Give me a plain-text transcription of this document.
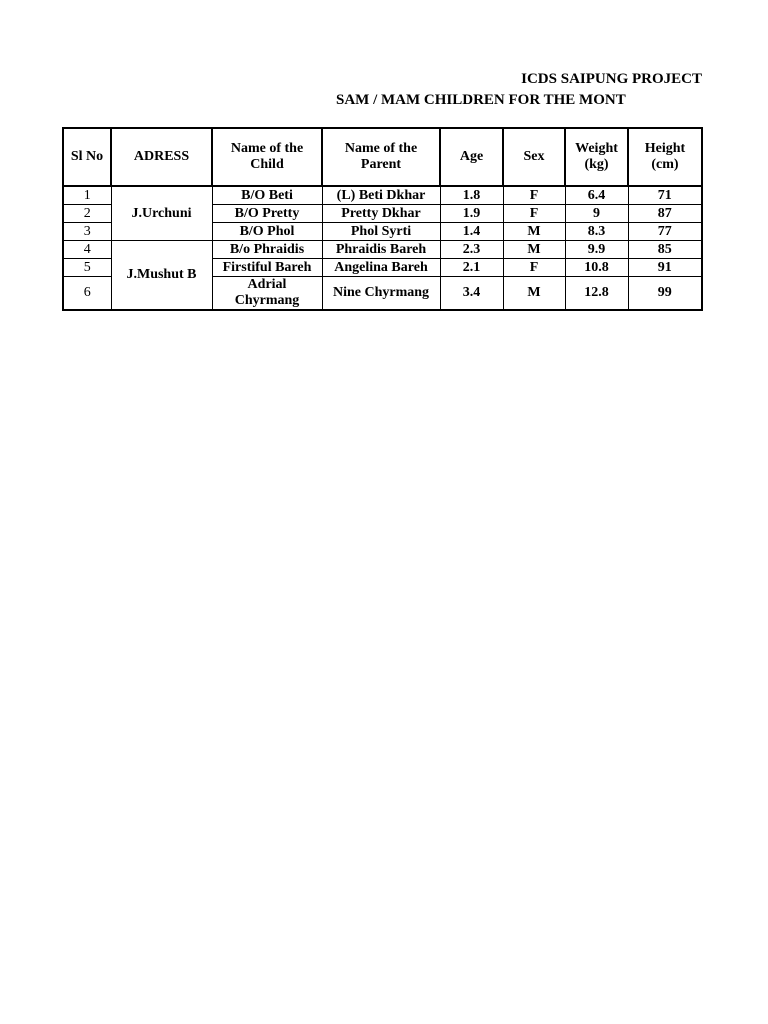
ICDS SAIPUNG PROJECT
SAM / MAM CHILDREN FOR THE MONT
Sl No	ADRESS	Name of the Child	Name of the Parent	Age	Sex	Weight (kg)	Height (cm)
1	J.Urchuni	B/O Beti	(L) Beti Dkhar	1.8	F	6.4	71
2		B/O Pretty	Pretty Dkhar	1.9	F	9	87
3		B/O Phol	Phol Syrti	1.4	M	8.3	77
4	J.Mushut B	B/o Phraidis	Phraidis Bareh	2.3	M	9.9	85
5		Firstiful Bareh	Angelina Bareh	2.1	F	10.8	91
6		Adrial Chyrmang	Nine Chyrmang	3.4	M	12.8	99
